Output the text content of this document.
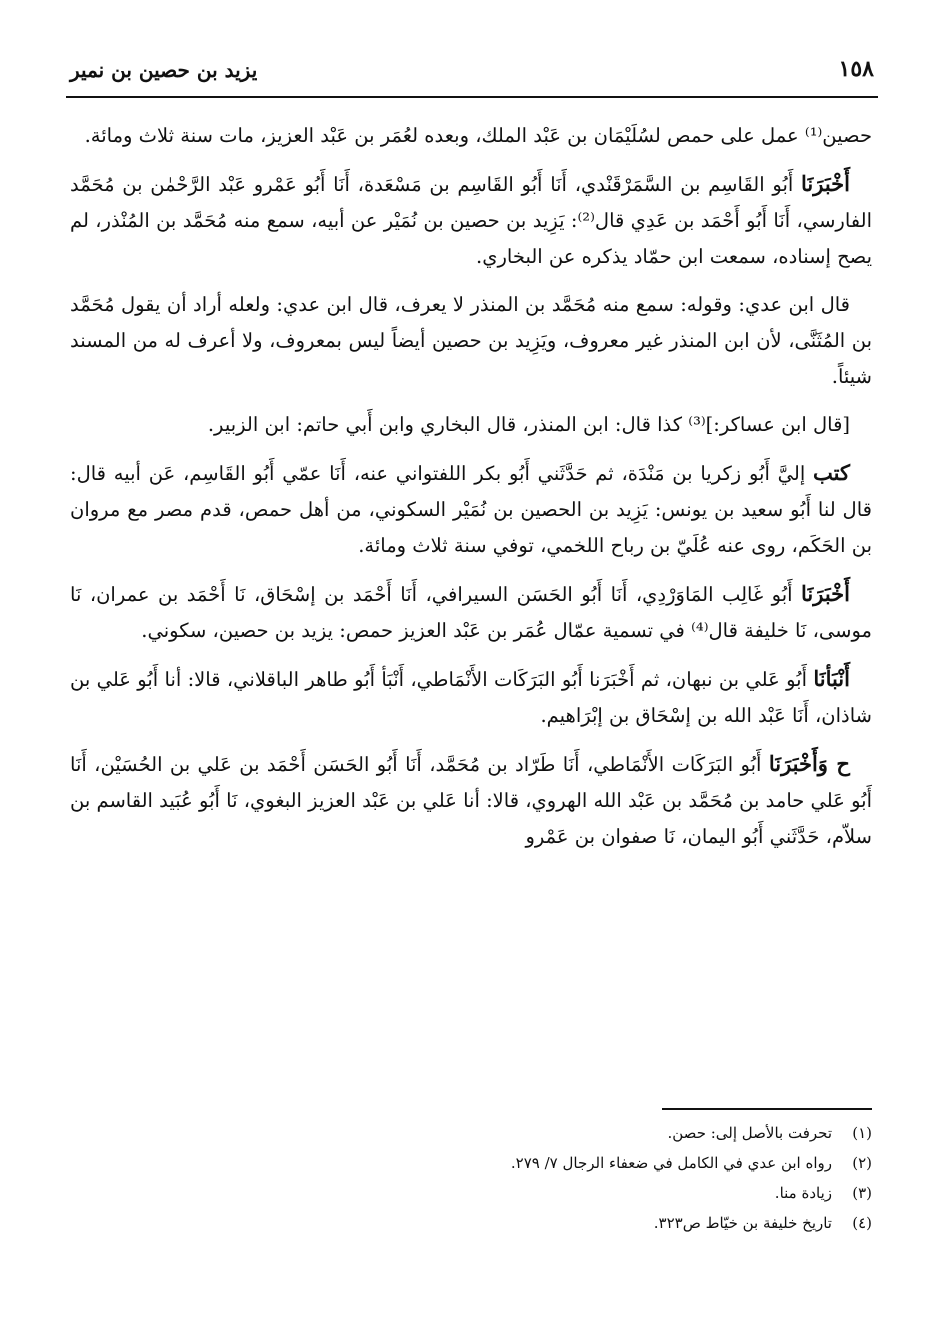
١٥٨
يزيد بن حصين بن نمير

حصين⁽¹⁾ عمل على حمص لسُلَيْمَان بن عَبْد الملك، وبعده لعُمَر بن عَبْد العزيز، مات سنة ثلاث ومائة.

أَخْبَرَنَا أَبُو القَاسِم بن السَّمَرْقَنْدي، أَنَا أَبُو القَاسِم بن مَسْعَدة، أَنَا أَبُو عَمْرو عَبْد الرَّحْمٰن بن مُحَمَّد الفارسي، أَنَا أَبُو أَحْمَد بن عَدِي قال⁽²⁾: يَزِيد بن حصين بن نُمَيْر عن أبيه، سمع منه مُحَمَّد بن المُنْذر، لم يصح إسناده، سمعت ابن حمّاد يذكره عن البخاري.

قال ابن عدي: وقوله: سمع منه مُحَمَّد بن المنذر لا يعرف، قال ابن عدي: ولعله أراد أن يقول مُحَمَّد بن المُثَنَّى، لأن ابن المنذر غير معروف، ويَزِيد بن حصين أيضاً ليس بمعروف، ولا أعرف له من المسند شيئاً.

[قال ابن عساكر:]⁽³⁾ كذا قال: ابن المنذر، قال البخاري وابن أَبي حاتم: ابن الزبير.

كتب إليَّ أَبُو زكريا بن مَنْدَة، ثم حَدَّثَني أَبُو بكر اللفتواني عنه، أَنَا عمّي أَبُو القَاسِم، عَن أبيه قال: قال لنا أَبُو سعيد بن يونس: يَزِيد بن الحصين بن نُمَيْر السكوني، من أهل حمص، قدم مصر مع مروان بن الحَكَم، روى عنه عُلَيّ بن رباح اللخمي، توفي سنة ثلاث ومائة.

أَخْبَرَنَا أَبُو غَالِب المَاوَرْدِي، أَنَا أَبُو الحَسَن السيرافي، أَنَا أَحْمَد بن إسْحَاق، نَا أَحْمَد بن عمران، نَا موسى، نَا خليفة قال⁽⁴⁾ في تسمية عمّال عُمَر بن عَبْد العزيز حمص: يزيد بن حصين، سكوني.

أَنْبَأنَا أَبُو عَلي بن نبهان، ثم أَخْبَرَنا أَبُو البَرَكَات الأَنْمَاطي، أَنْبَأ أَبُو طاهر الباقلاني، قالا: أنا أَبُو عَلي بن شاذان، أَنَا عَبْد الله بن إسْحَاق بن إبْرَاهيم.

ح وَأَخْبَرَنَا أَبُو البَرَكَات الأَنْمَاطي، أَنَا طَرّاد بن مُحَمَّد، أَنَا أَبُو الحَسَن أَحْمَد بن عَلي بن الحُسَيْن، أَنَا أَبُو عَلي حامد بن مُحَمَّد بن عَبْد الله الهروي، قالا: أنا عَلي بن عَبْد العزيز البغوي، نَا أَبُو عُبَيد القاسم بن سلاّم، حَدَّثَني أَبُو اليمان، نَا صفوان بن عَمْرو

(١)تحرفت بالأصل إلى: حصن.

(٢)رواه ابن عدي في الكامل في ضعفاء الرجال ٧/ ٢٧٩.

(٣)زيادة منا.

(٤)تاريخ خليفة بن خيّاط ص٣٢٣.
